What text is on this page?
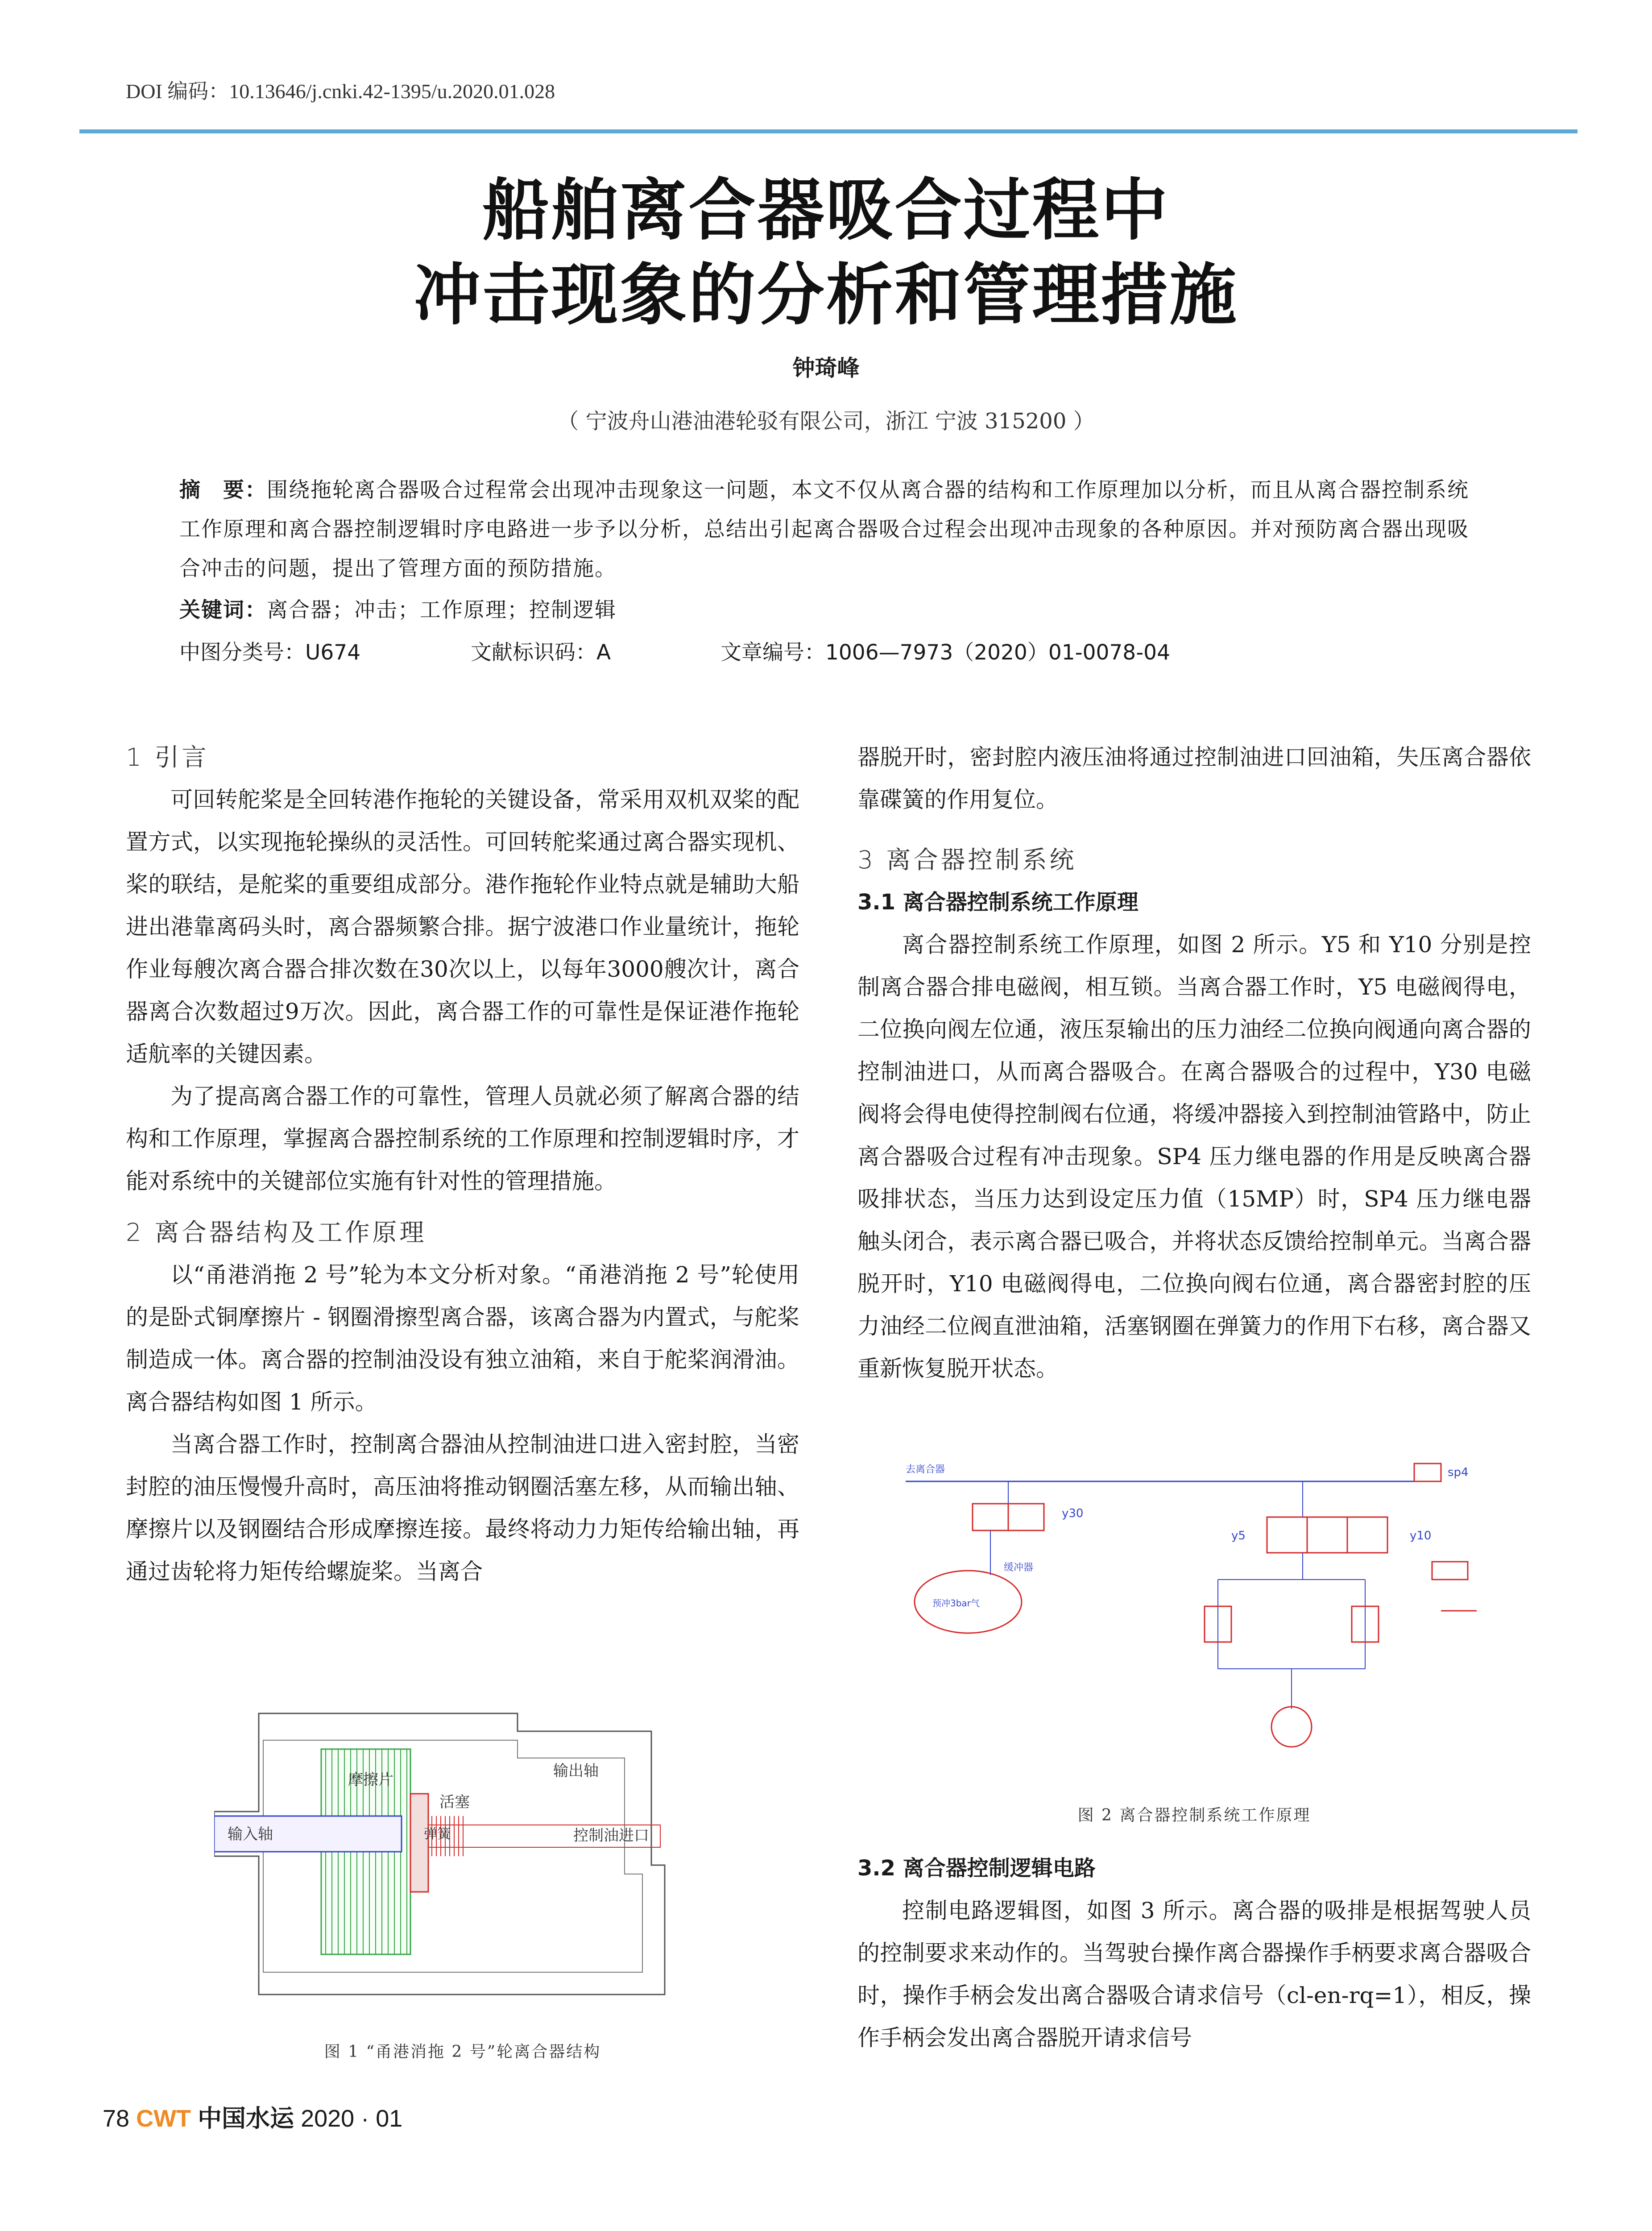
DOI 编码：10.13646/j.cnki.42-1395/u.2020.01.028
船舶离合器吸合过程中
冲击现象的分析和管理措施
钟琦峰
（ 宁波舟山港油港轮驳有限公司，浙江 宁波 315200 ）
摘　要：围绕拖轮离合器吸合过程常会出现冲击现象这一问题，本文不仅从离合器的结构和工作原理加以分析，而且从离合器控制系统工作原理和离合器控制逻辑时序电路进一步予以分析，总结出引起离合器吸合过程会出现冲击现象的各种原因。并对预防离合器出现吸合冲击的问题，提出了管理方面的预防措施。
关键词：离合器；冲击；工作原理；控制逻辑
中图分类号：U674	文献标识码：A	文章编号：1006—7973（2020）01-0078-04
1 引言

可回转舵桨是全回转港作拖轮的关键设备，常采用双机双桨的配置方式，以实现拖轮操纵的灵活性。可回转舵桨通过离合器实现机、桨的联结，是舵桨的重要组成部分。港作拖轮作业特点就是辅助大船进出港靠离码头时，离合器频繁合排。据宁波港口作业量统计，拖轮作业每艘次离合器合排次数在30次以上，以每年3000艘次计，离合器离合次数超过9万次。因此，离合器工作的可靠性是保证港作拖轮适航率的关键因素。

为了提高离合器工作的可靠性，管理人员就必须了解离合器的结构和工作原理，掌握离合器控制系统的工作原理和控制逻辑时序，才能对系统中的关键部位实施有针对性的管理措施。

2 离合器结构及工作原理

以“甬港消拖 2 号”轮为本文分析对象。“甬港消拖 2 号”轮使用的是卧式铜摩擦片 - 钢圈滑擦型离合器，该离合器为内置式，与舵桨制造成一体。离合器的控制油没设有独立油箱，来自于舵桨润滑油。离合器结构如图 1 所示。

当离合器工作时，控制离合器油从控制油进口进入密封腔，当密封腔的油压慢慢升高时，高压油将推动钢圈活塞左移，从而输出轴、摩擦片以及钢圈结合形成摩擦连接。最终将动力力矩传给输出轴，再通过齿轮将力矩传给螺旋桨。当离合

摩擦片	输出轴
活塞
弹簧
输入轴	控制油进口
图 1 “甬港消拖 2 号”轮离合器结构

器脱开时，密封腔内液压油将通过控制油进口回油箱，失压离合器依靠碟簧的作用复位。

3 离合器控制系统
3.1 离合器控制系统工作原理

离合器控制系统工作原理，如图 2 所示。Y5 和 Y10 分别是控制离合器合排电磁阀，相互锁。当离合器工作时，Y5 电磁阀得电，二位换向阀左位通，液压泵输出的压力油经二位换向阀通向离合器的控制油进口，从而离合器吸合。在离合器吸合的过程中，Y30 电磁阀将会得电使得控制阀右位通，将缓冲器接入到控制油管路中，防止离合器吸合过程有冲击现象。SP4 压力继电器的作用是反映离合器吸排状态，当压力达到设定压力值（15MP）时，SP4 压力继电器触头闭合，表示离合器已吸合，并将状态反馈给控制单元。当离合器脱开时，Y10 电磁阀得电，二位换向阀右位通，离合器密封腔的压力油经二位阀直泄油箱，活塞钢圈在弹簧力的作用下右移，离合器又重新恢复脱开状态。

去离合器	sp4
y30
缓冲器
预冲3bar气
y5	y10
图 2 离合器控制系统工作原理
3.2 离合器控制逻辑电路

控制电路逻辑图，如图 3 所示。离合器的吸排是根据驾驶人员的控制要求来动作的。当驾驶台操作离合器操作手柄要求离合器吸合时，操作手柄会发出离合器吸合请求信号（cl-en-rq=1），相反，操作手柄会发出离合器脱开请求信号

78 CWT 中国水运 2020 · 01
